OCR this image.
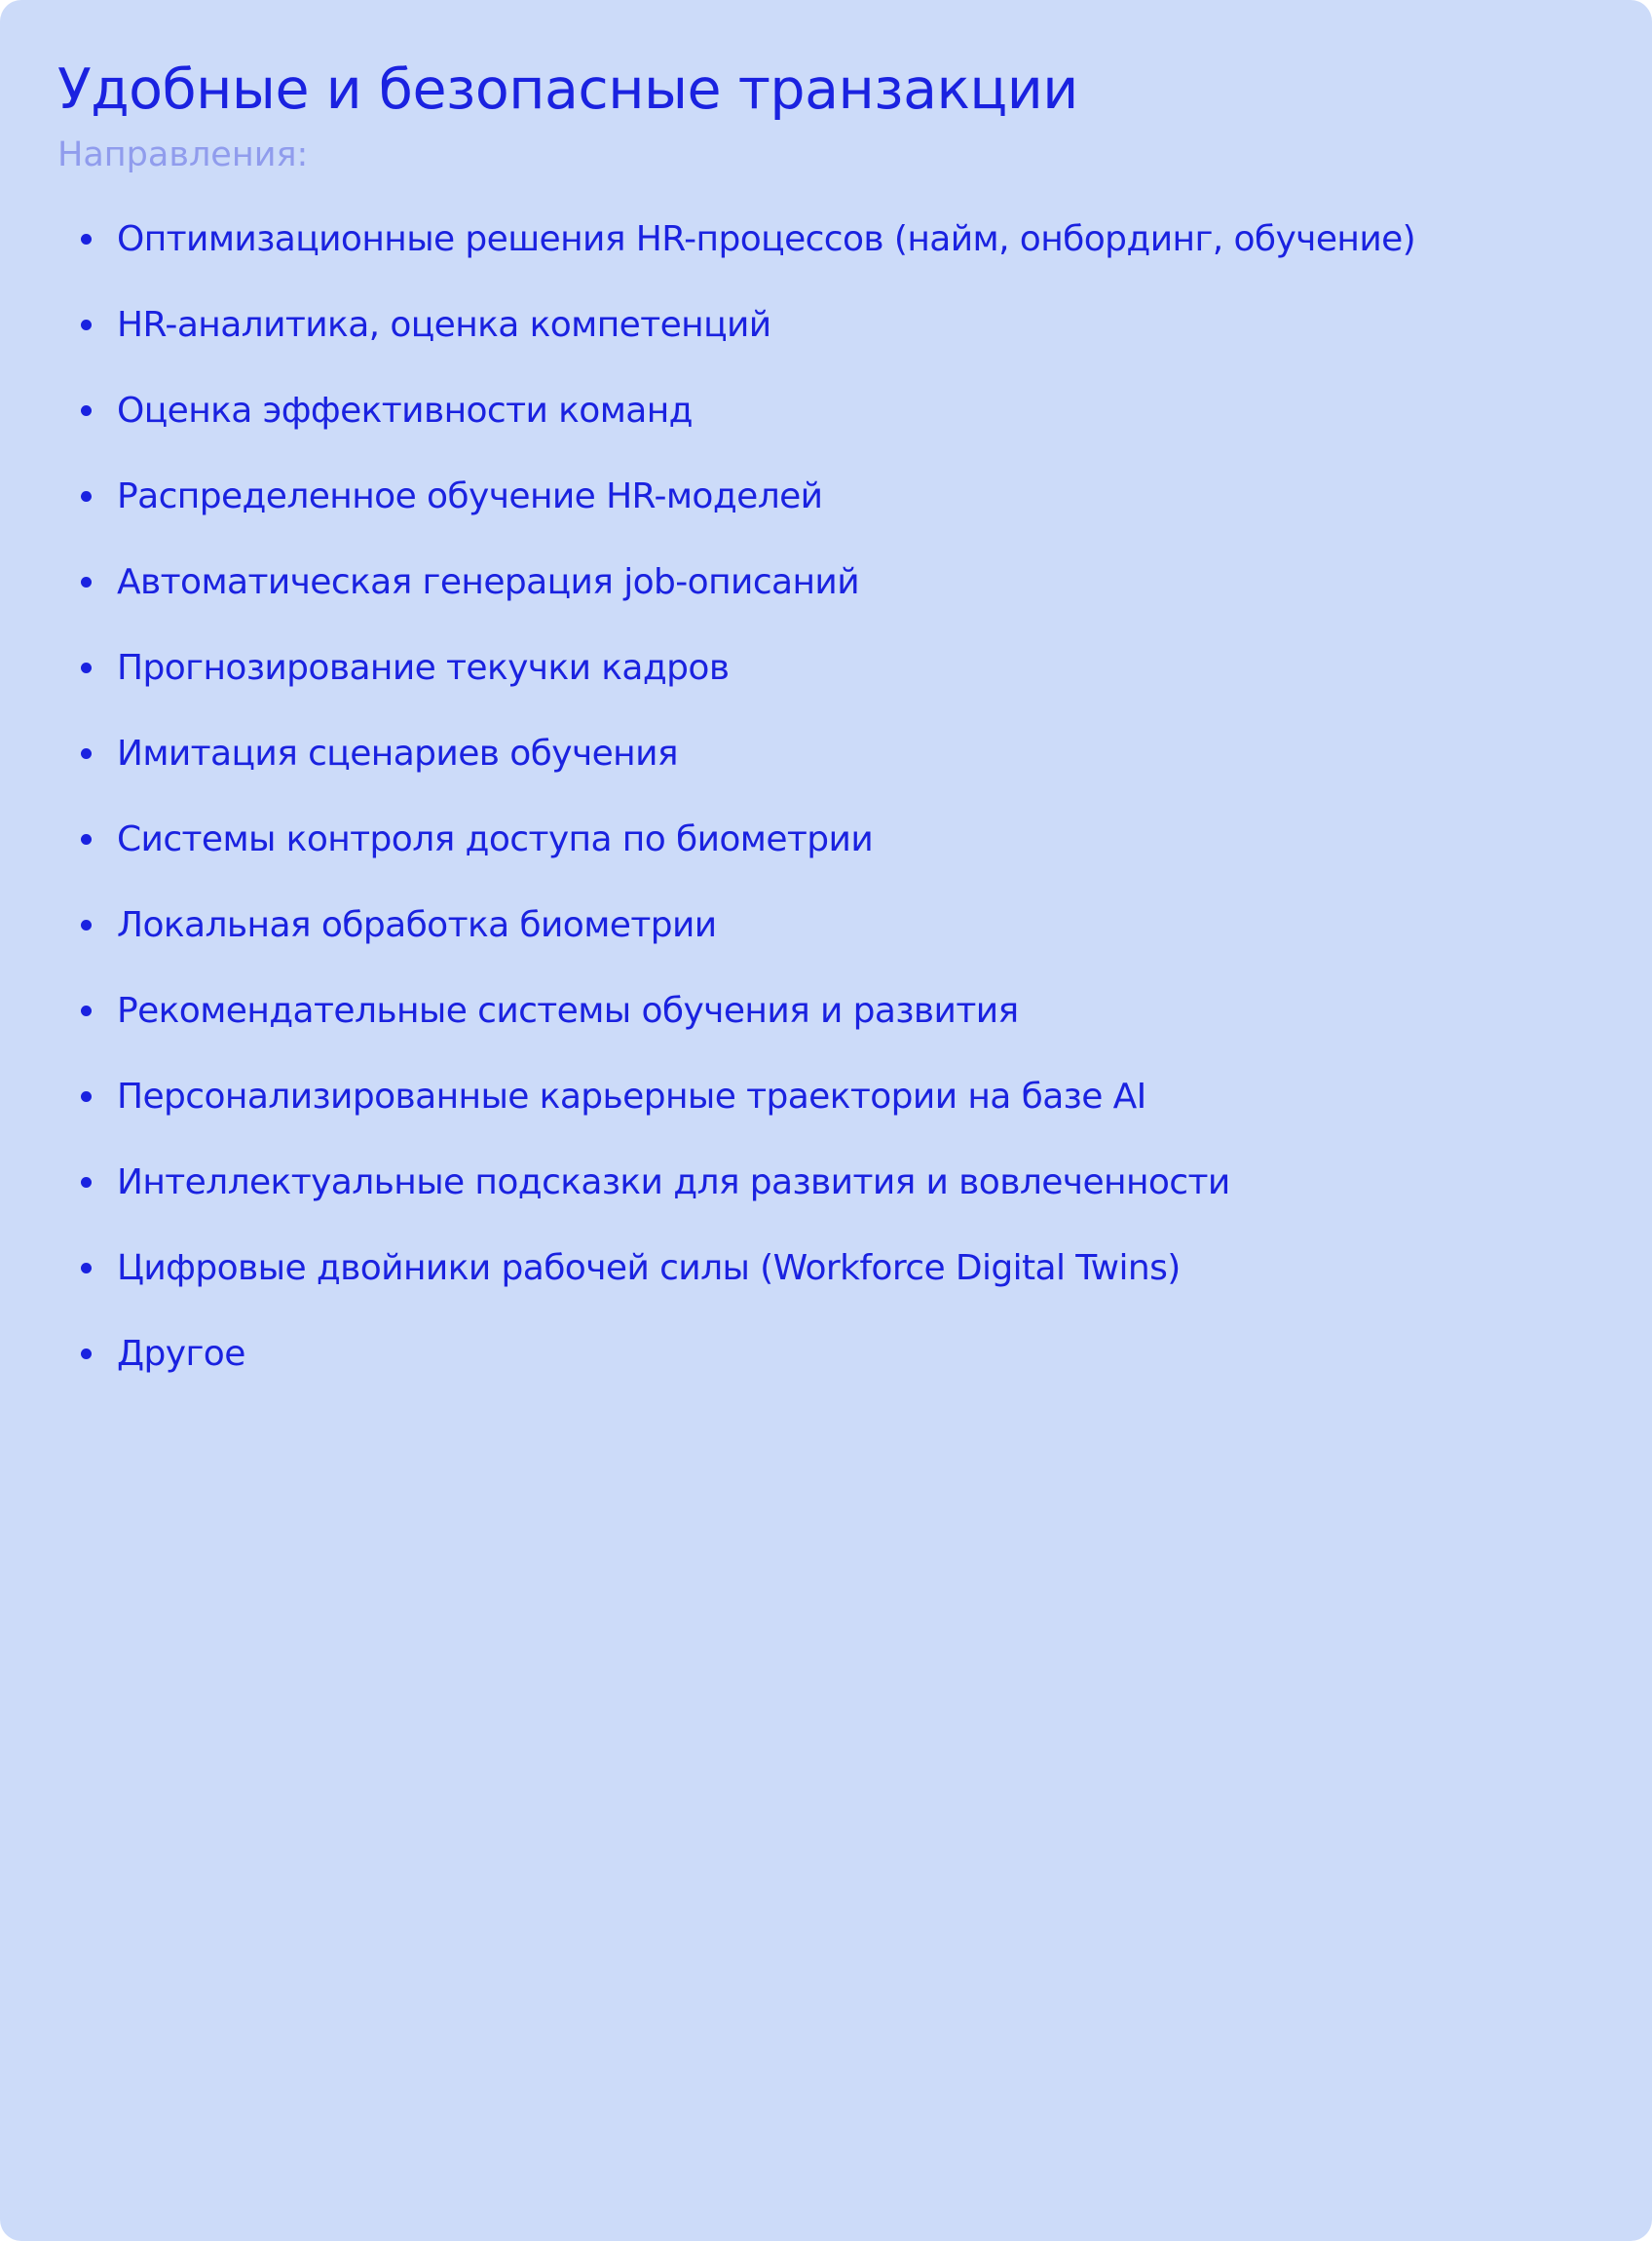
Удобные и безопасные транзакции

Направления:

Оптимизационные решения HR-процессов (найм, онбординг, обучение)
HR-аналитика, оценка компетенций
Оценка эффективности команд
Распределенное обучение HR-моделей
Автоматическая генерация job-описаний
Прогнозирование текучки кадров
Имитация сценариев обучения
Системы контроля доступа по биометрии
Локальная обработка биометрии
Рекомендательные системы обучения и развития
Персонализированные карьерные траектории на базе AI
Интеллектуальные подсказки для развития и вовлеченности
Цифровые двойники рабочей силы (Workforce Digital Twins)
Другое
